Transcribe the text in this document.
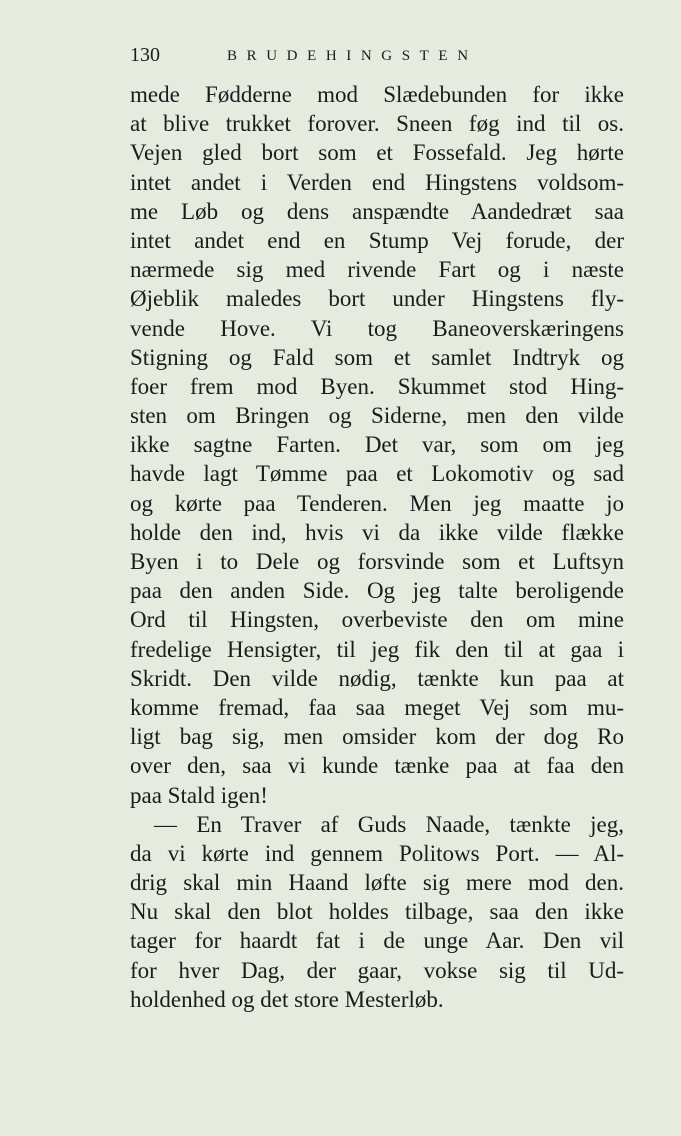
130	BRUDEHINGSTEN
mede Fødderne mod Slædebunden for ikke
at blive trukket forover. Sneen føg ind til os.
Vejen gled bort som et Fossefald. Jeg hørte
intet andet i Verden end Hingstens voldsom-
me Løb og dens anspændte Aandedræt saa
intet andet end en Stump Vej forude, der
nærmede sig med rivende Fart og i næste
Øjeblik maledes bort under Hingstens fly-
vende Hove. Vi tog Baneoverskæringens
Stigning og Fald som et samlet Indtryk og
foer frem mod Byen. Skummet stod Hing-
sten om Bringen og Siderne, men den vilde
ikke sagtne Farten. Det var, som om jeg
havde lagt Tømme paa et Lokomotiv og sad
og kørte paa Tenderen. Men jeg maatte jo
holde den ind, hvis vi da ikke vilde flække
Byen i to Dele og forsvinde som et Luftsyn
paa den anden Side. Og jeg talte beroligende
Ord til Hingsten, overbeviste den om mine
fredelige Hensigter, til jeg fik den til at gaa i
Skridt. Den vilde nødig, tænkte kun paa at
komme fremad, faa saa meget Vej som mu-
ligt bag sig, men omsider kom der dog Ro
over den, saa vi kunde tænke paa at faa den
paa Stald igen!
— En Traver af Guds Naade, tænkte jeg,
da vi kørte ind gennem Politows Port. — Al-
drig skal min Haand løfte sig mere mod den.
Nu skal den blot holdes tilbage, saa den ikke
tager for haardt fat i de unge Aar. Den vil
for hver Dag, der gaar, vokse sig til Ud-
holdenhed og det store Mesterløb.
